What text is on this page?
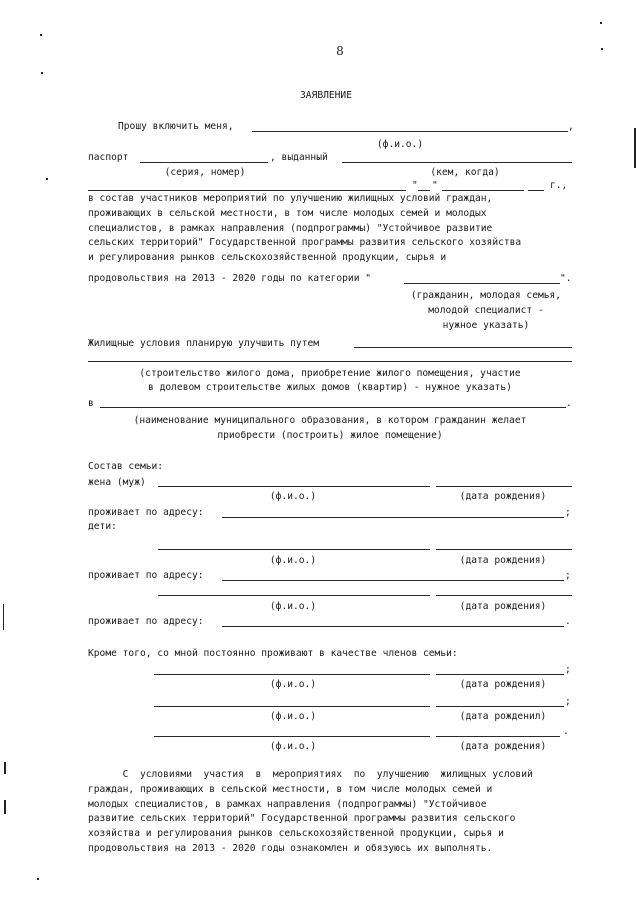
8
ЗАЯВЛЕНИЕ
Прошу включить меня,	,
(ф.и.о.)
паспорт	, выданный
(серия, номер)	(кем, когда)
" "	г.,
в состав участников мероприятий по улучшению жилищных условий граждан,
проживающих в сельской местности, в том числе молодых семей и молодых
специалистов, в рамках направления (подпрограммы) "Устойчивое развитие
сельских территорий" Государственной программы развития сельского хозяйства
и регулирования рынков сельскохозяйственной продукции, сырья и
продовольствия на 2013 - 2020 годы по категории "	".
(гражданин, молодая семья,
молодой специалист -
нужное указать)
Жилищные условия планирую улучшить путем
(строительство жилого дома, приобретение жилого помещения, участие
в долевом строительстве жилых домов (квартир) - нужное указать)
в	.
(наименование муниципального образования, в котором гражданин желает
приобрести (построить) жилое помещение)
Состав семьи:
жена (муж)
(ф.и.о.)	(дата рождения)
проживает по адресу:	;
дети:
(ф.и.о.)	(дата рождения)
проживает по адресу:	;
(ф.и.о.)	(дата рождения)
проживает по адресу:	.
Кроме того, со мной постоянно проживают в качестве членов семьи:
;
(ф.и.о.)	(дата рождения)
;
(ф.и.о.)	(дата рожденил)
.
(ф.и.о.)	(дата рождения)
С  условиями  участия  в  мероприятиях  по  улучшению  жилищных условий
граждан, проживающих в сельской местности, в том числе молодых семей и
молодых специалистов, в рамках направления (подпрограммы) "Устойчивое
развитие сельских территорий" Государственной программы развития сельского
хозяйства и регулирования рынков сельскохозяйственной продукции, сырья и
продовольствия на 2013 - 2020 годы ознакомлен и обязуюсь их выполнять.
